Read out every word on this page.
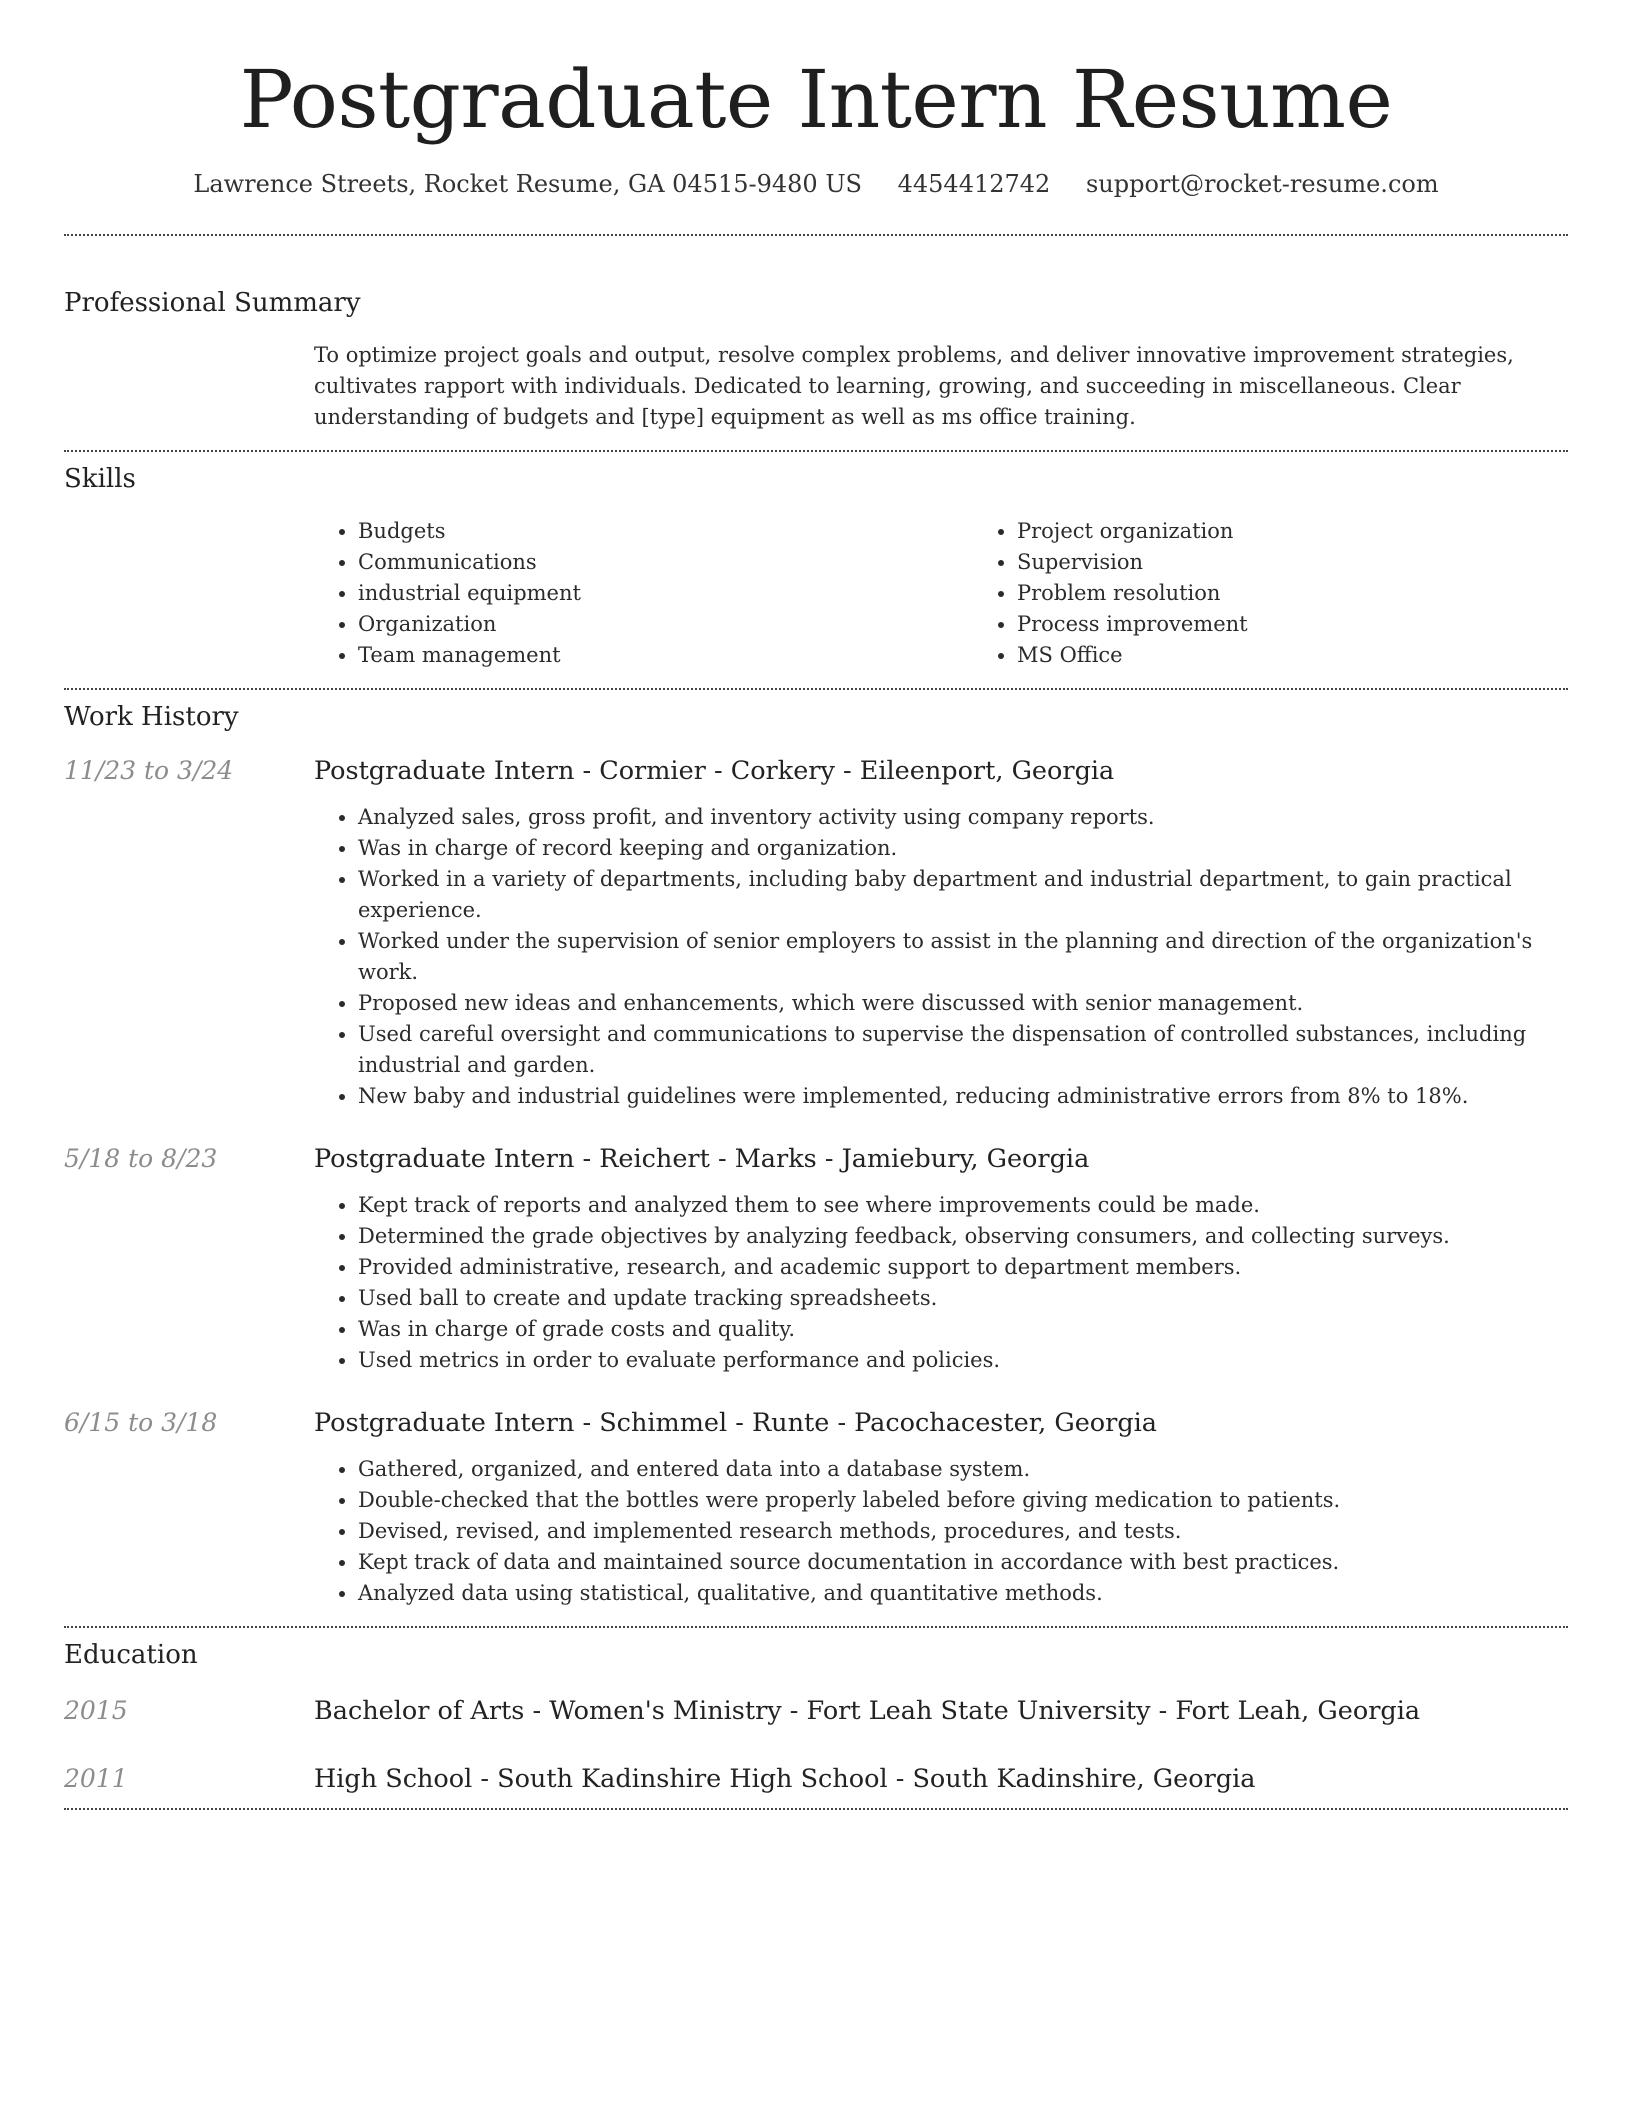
Postgraduate Intern Resume
Lawrence Streets, Rocket Resume, GA 04515-9480 US 4454412742 support@rocket-resume.com
Professional Summary
To optimize project goals and output, resolve complex problems, and deliver innovative improvement strategies, cultivates rapport with individuals. Dedicated to learning, growing, and succeeding in miscellaneous. Clear understanding of budgets and [type] equipment as well as ms office training.
Skills
• Budgets
• Communications
• industrial equipment
• Organization
• Team management
• Project organization
• Supervision
• Problem resolution
• Process improvement
• MS Office
Work History
11/23 to 3/24	Postgraduate Intern - Cormier - Corkery - Eileenport, Georgia
• Analyzed sales, gross profit, and inventory activity using company reports.
• Was in charge of record keeping and organization.
• Worked in a variety of departments, including baby department and industrial department, to gain practical experience.
• Worked under the supervision of senior employers to assist in the planning and direction of the organization's work.
• Proposed new ideas and enhancements, which were discussed with senior management.
• Used careful oversight and communications to supervise the dispensation of controlled substances, including industrial and garden.
• New baby and industrial guidelines were implemented, reducing administrative errors from 8% to 18%.
5/18 to 8/23	Postgraduate Intern - Reichert - Marks - Jamiebury, Georgia
• Kept track of reports and analyzed them to see where improvements could be made.
• Determined the grade objectives by analyzing feedback, observing consumers, and collecting surveys.
• Provided administrative, research, and academic support to department members.
• Used ball to create and update tracking spreadsheets.
• Was in charge of grade costs and quality.
• Used metrics in order to evaluate performance and policies.
6/15 to 3/18	Postgraduate Intern - Schimmel - Runte - Pacochacester, Georgia
• Gathered, organized, and entered data into a database system.
• Double-checked that the bottles were properly labeled before giving medication to patients.
• Devised, revised, and implemented research methods, procedures, and tests.
• Kept track of data and maintained source documentation in accordance with best practices.
• Analyzed data using statistical, qualitative, and quantitative methods.
Education
2015	Bachelor of Arts - Women's Ministry - Fort Leah State University - Fort Leah, Georgia
2011	High School - South Kadinshire High School - South Kadinshire, Georgia
